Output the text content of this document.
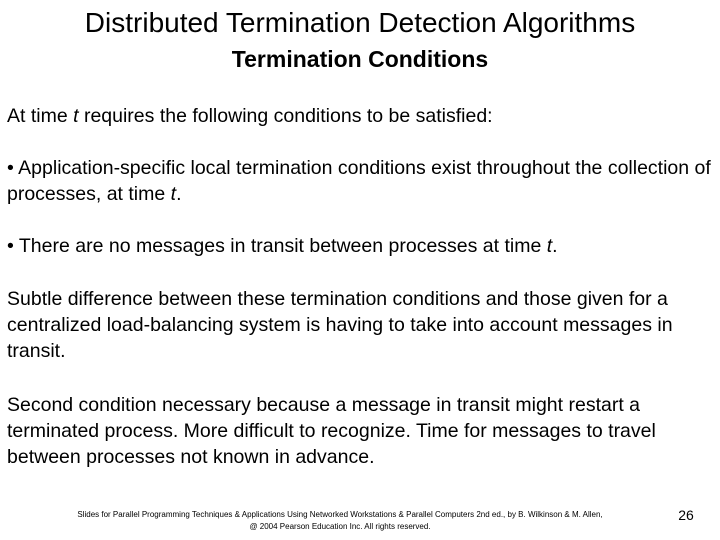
Distributed Termination Detection Algorithms
Termination Conditions

At time t requires the following conditions to be satisfied:

• Application-specific local termination conditions exist throughout the collection of processes, at time t.

• There are no messages in transit between processes at time t.

Subtle difference between these termination conditions and those given for a centralized load-balancing system is having to take into account messages in transit.

Second condition necessary because a message in transit might restart a terminated process. More difficult to recognize. Time for messages to travel between processes not known in advance.

Slides for Parallel Programming Techniques & Applications Using Networked Workstations & Parallel Computers 2nd ed., by B. Wilkinson & M. Allen,
@ 2004 Pearson Education Inc. All rights reserved.
26
